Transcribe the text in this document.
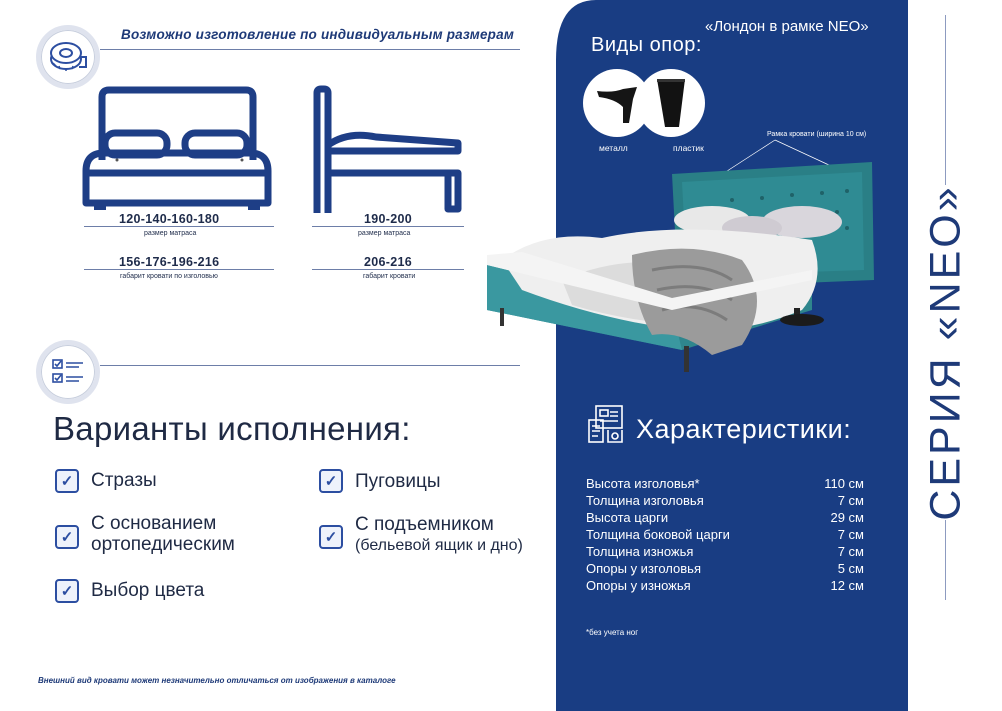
Возможно изготовление по индивидуальным размерам
120-140-160-180
размер матраса
156-176-196-216
габарит кровати по изголовью
190-200
размер матраса
206-216
габарит кровати
Варианты исполнения:
✓ Стразы
✓
С основанием
ортопедическим
✓ Выбор цвета
✓ Пуговицы
✓
С подъемником
(бельевой ящик и дно)
Внешний вид кровати может незначительно отличаться от изображения в каталоге
«Лондон в рамке NEO»
Виды опор:
металл	пластик
Рамка кровати (ширина 10 см)
Характеристики:
Высота изголовья*	110 см
Толщина изголовья	7 см
Высота царги	29 см
Толщина боковой царги	7 см
Толщина изножья	7 см
Опоры у изголовья	5 см
Опоры у изножья	12 см
*без учета ног
СЕРИЯ «NEO»
